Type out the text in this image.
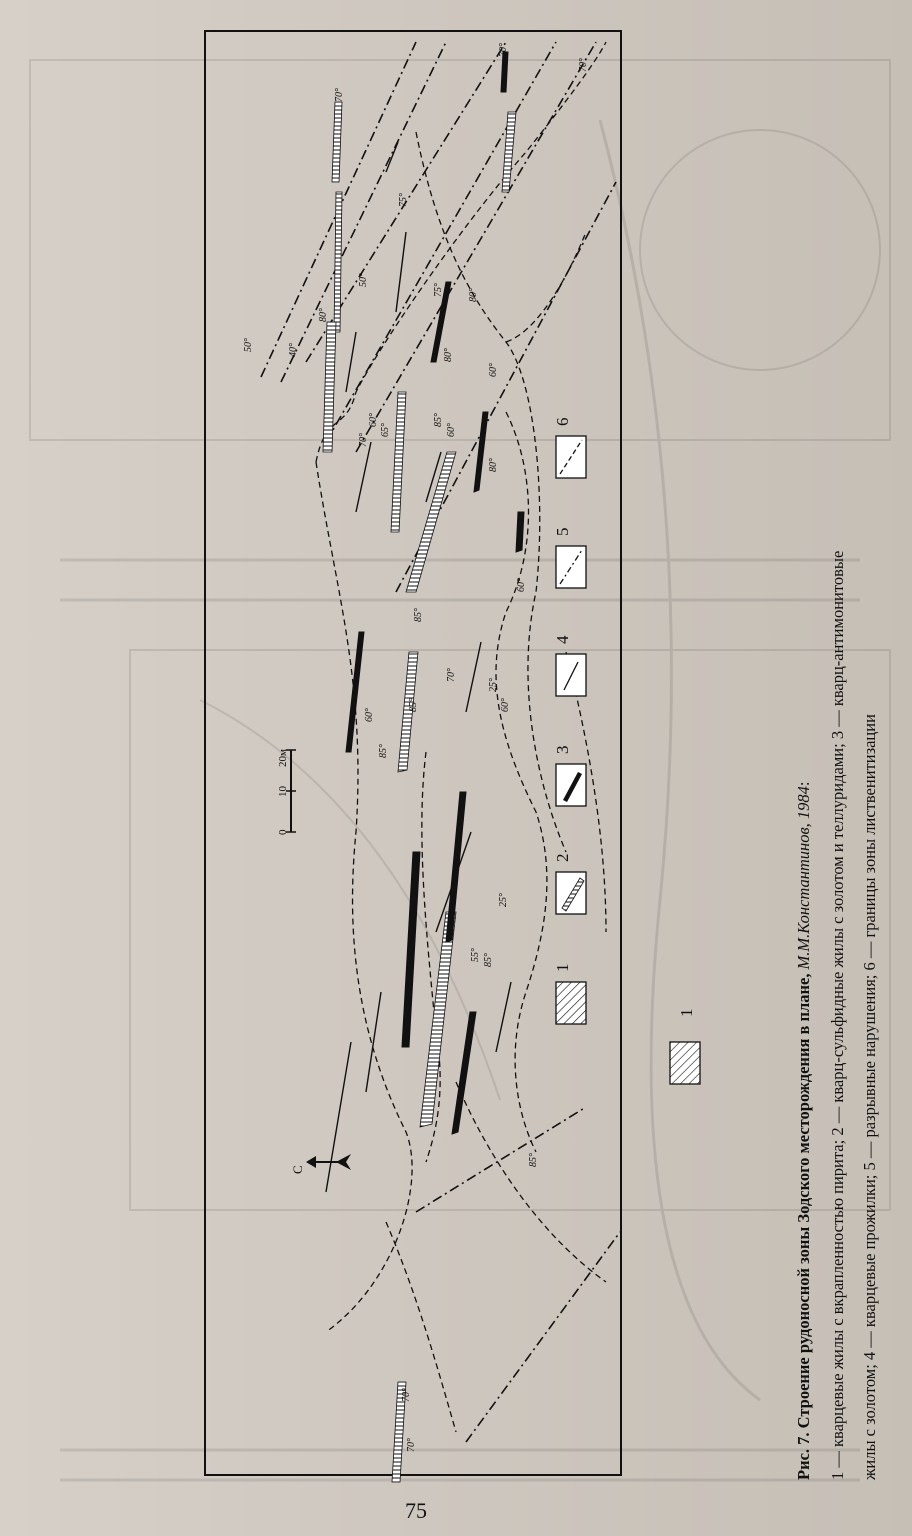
70°
70°
70°
50°	40°
80°
50°
75°
80°
75°
80°
85°
60°
65°
60°
70°
60°
85°
80°
70°
25°
85°
60°
60°
85°
60°
55° 85°
25°
85°
70°
70°
0
10
20м
С
1
1
2
3
4
5
6
Рис. 7. Строение рудоносной зоны Зодского месторождения в плане, М.М.Константинов, 1984: 1 — кварцевые жилы с вкрапленностью пирита; 2 — кварц-сульфидные жилы с золотом и теллуридами; 3 — кварц-антимонитовые жилы с золотом; 4 — кварцевые прожилки; 5 — разрывные нарушения; 6 — границы зоны лиственитизации
75
